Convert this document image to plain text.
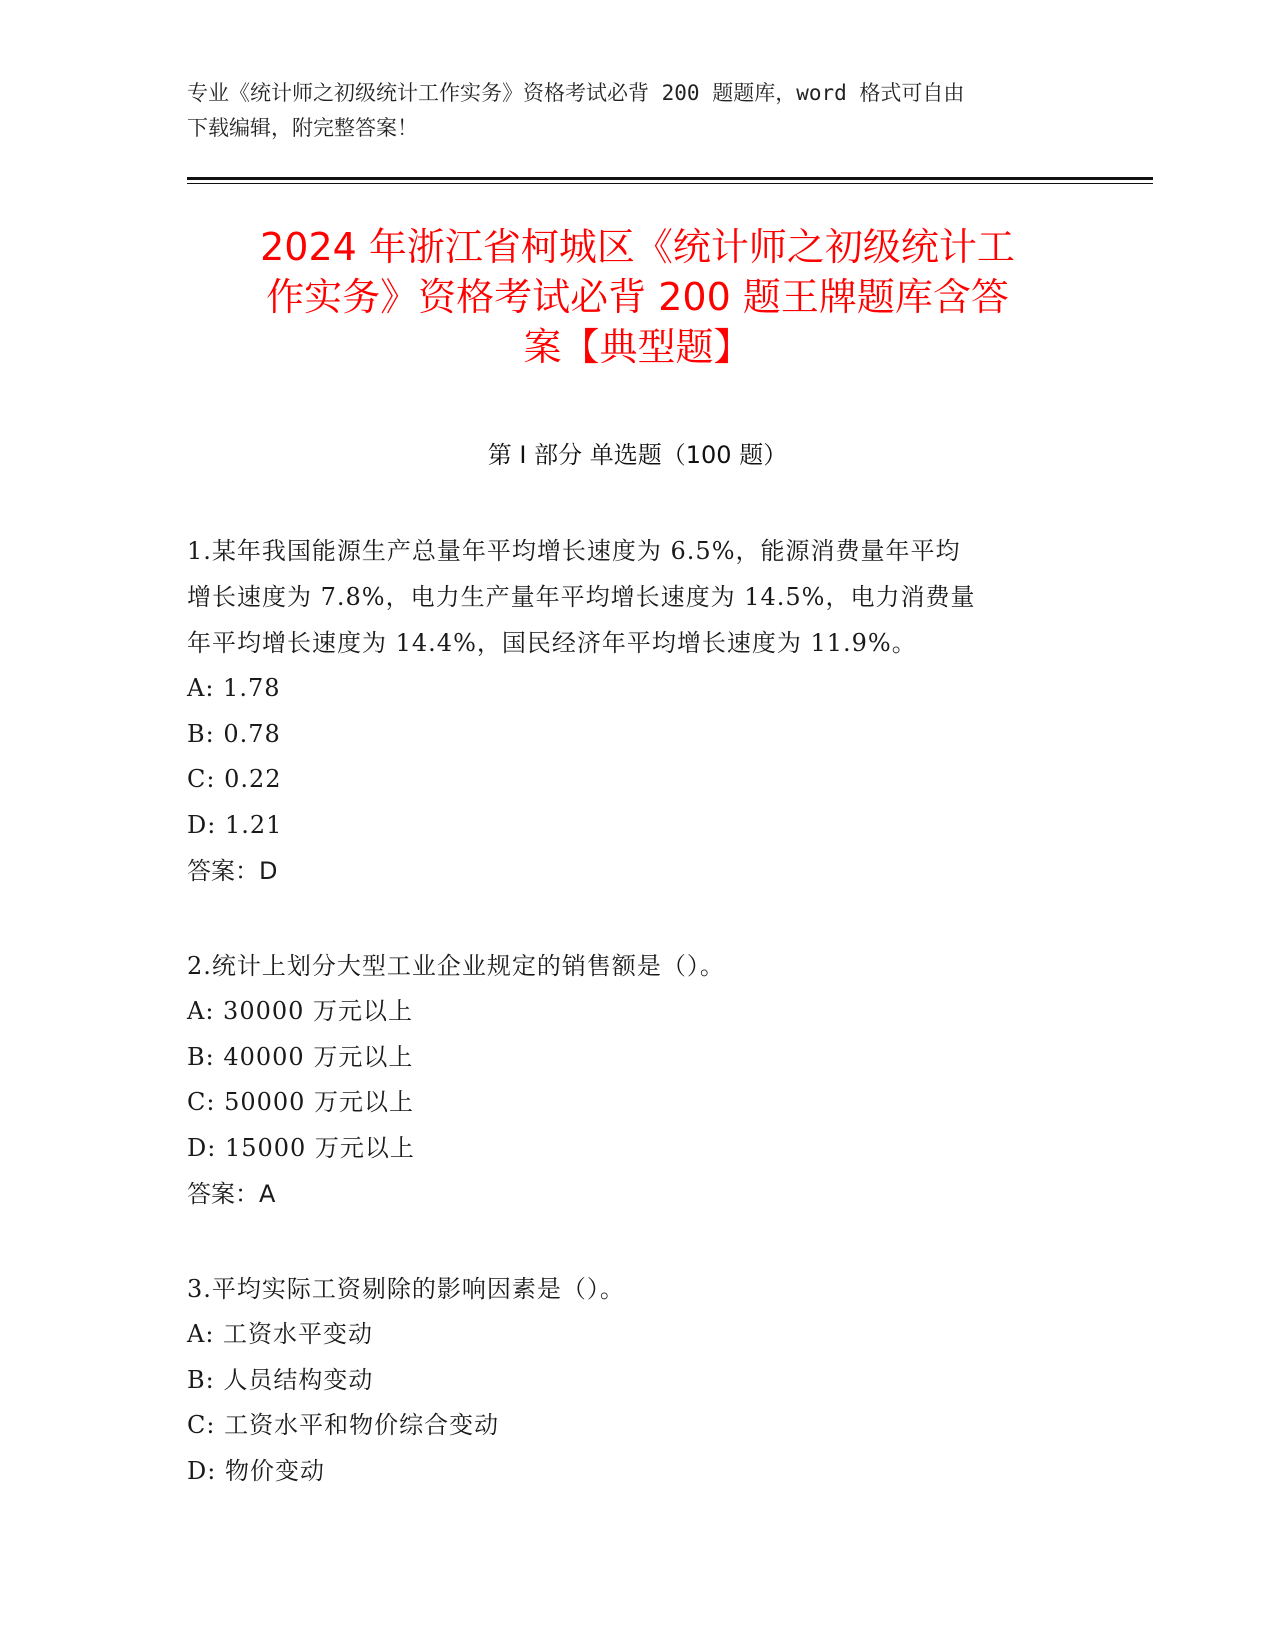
专业《统计师之初级统计工作实务》资格考试必背 200 题题库，word 格式可自由
下载编辑，附完整答案！
2024 年浙江省柯城区《统计师之初级统计工
作实务》资格考试必背 200 题王牌题库含答
案【典型题】
第 I 部分 单选题（100 题）
1.某年我国能源生产总量年平均增长速度为 6.5%，能源消费量年平均
增长速度为 7.8%，电力生产量年平均增长速度为 14.5%，电力消费量
年平均增长速度为 14.4%，国民经济年平均增长速度为 11.9%。
A: 1.78
B: 0.78
C: 0.22
D: 1.21
答案：D
2.统计上划分大型工业企业规定的销售额是（）。
A: 30000 万元以上
B: 40000 万元以上
C: 50000 万元以上
D: 15000 万元以上
答案：A
3.平均实际工资剔除的影响因素是（）。
A: 工资水平变动
B: 人员结构变动
C: 工资水平和物价综合变动
D: 物价变动
